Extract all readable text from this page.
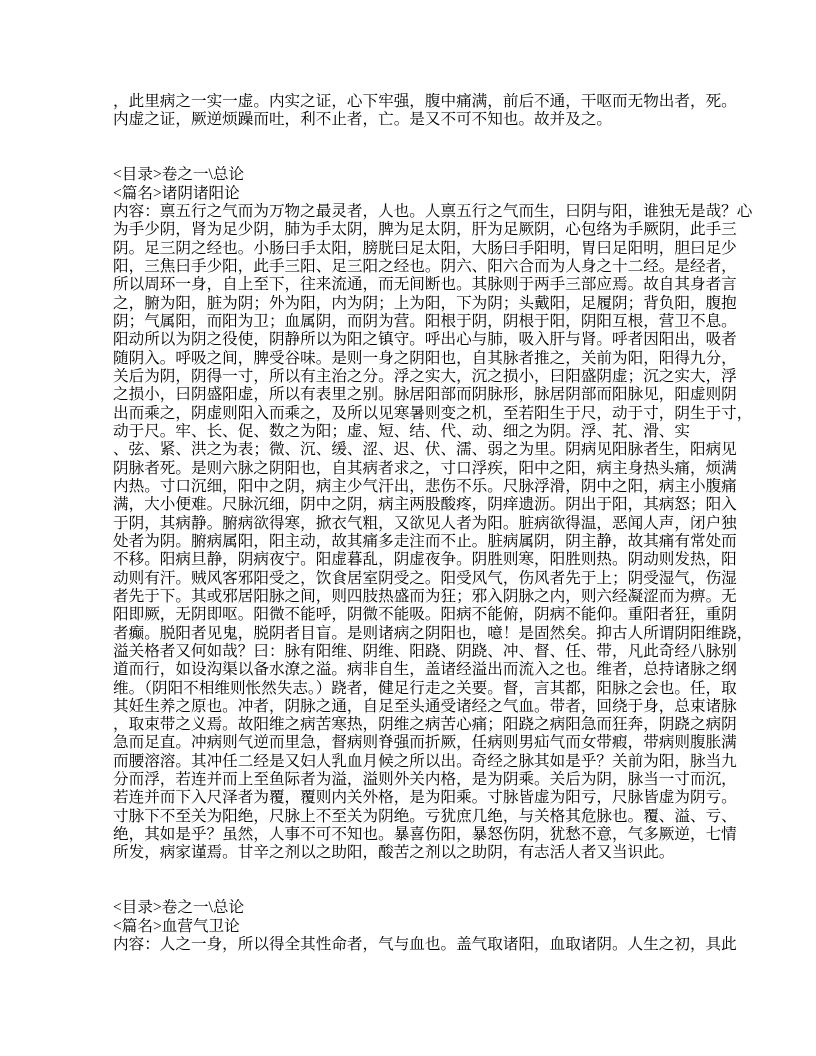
，此里病之一实一虚。内实之证，心下牢强，腹中痛满，前后不通，干呕而无物出者，死。
内虚之证，厥逆烦躁而吐，利不止者，亡。是又不可不知也。故并及之。
<目录>卷之一\总论
<篇名>诸阴诸阳论
内容：禀五行之气而为万物之最灵者，人也。人禀五行之气而生，曰阴与阳，谁独无是哉？心
为手少阴，肾为足少阴，肺为手太阴，脾为足太阴，肝为足厥阴，心包络为手厥阴，此手三
阴。足三阴之经也。小肠曰手太阳，膀胱曰足太阳，大肠曰手阳明，胃曰足阳明，胆曰足少
阳，三焦曰手少阳，此手三阳、足三阳之经也。阴六、阳六合而为人身之十二经。是经者，
所以周环一身，自上至下，往来流通，而无间断也。其脉则于两手三部应焉。故自其身者言
之，腑为阳，脏为阴；外为阳，内为阴；上为阳，下为阴；头戴阳，足履阴；背负阳，腹抱
阴；气属阳，而阳为卫；血属阴，而阴为营。阳根于阴，阴根于阳，阴阳互根，营卫不息。
阳动所以为阴之役使，阴静所以为阳之镇守。呼出心与肺，吸入肝与肾。呼者因阳出，吸者
随阴入。呼吸之间，脾受谷味。是则一身之阴阳也，自其脉者推之，关前为阳，阳得九分，
关后为阴，阴得一寸，所以有主治之分。浮之实大，沉之损小，曰阳盛阴虚；沉之实大，浮
之损小，曰阴盛阳虚，所以有表里之别。脉居阳部而阴脉形，脉居阴部而阳脉见，阳虚则阴
出而乘之，阴虚则阳入而乘之，及所以见寒暑则变之机，至若阳生于尺，动于寸，阴生于寸，
动于尺。牢、长、促、数之为阳；虚、短、结、代、动、细之为阴。浮、芤、滑、实
、弦、紧、洪之为表；微、沉、缓、涩、迟、伏、濡、弱之为里。阴病见阳脉者生，阳病见
阴脉者死。是则六脉之阴阳也，自其病者求之，寸口浮疾，阳中之阳，病主身热头痛，烦满
内热。寸口沉细，阳中之阴，病主少气汗出，悲伤不乐。尺脉浮滑，阴中之阳，病主小腹痛
满，大小便难。尺脉沉细，阴中之阴，病主两股酸疼，阴痒遗沥。阴出于阳，其病怒；阳入
于阴，其病静。腑病欲得寒，掀衣气粗，又欲见人者为阳。脏病欲得温，恶闻人声，闭户独
处者为阴。腑病属阳，阳主动，故其痛多走注而不止。脏病属阴，阴主静，故其痛有常处而
不移。阳病旦静，阴病夜宁。阳虚暮乱，阴虚夜争。阴胜则寒，阳胜则热。阴动则发热，阳
动则有汗。贼风客邪阳受之，饮食居室阴受之。阳受风气，伤风者先于上；阴受湿气，伤湿
者先于下。其或邪居阳脉之间，则四肢热盛而为狂；邪入阴脉之内，则六经凝涩而为痹。无
阳即厥，无阴即呕。阳微不能呼，阴微不能吸。阳病不能俯，阴病不能仰。重阳者狂，重阴
者癫。脱阳者见鬼，脱阴者目盲。是则诸病之阴阳也，噫！是固然矣。抑古人所谓阴阳维跷，
溢关格者又何如哉？曰：脉有阳维、阴维、阳跷、阴跷、冲、督、任、带，凡此奇经八脉别
道而行，如设沟渠以备水潦之溢。病非自生，盖诸经溢出而流入之也。维者，总持诸脉之纲
维。（阴阳不相维则怅然失志。）跷者，健足行走之关要。督，言其都，阳脉之会也。任，取
其妊生养之原也。冲者，阴脉之通，自足至头通受诸经之气血。带者，回绕于身，总束诸脉
，取束带之义焉。故阳维之病苦寒热，阴维之病苦心痛；阳跷之病阳急而狂奔，阴跷之病阴
急而足直。冲病则气逆而里急，督病则脊强而折厥，任病则男疝气而女带瘕，带病则腹胀满
而腰溶溶。其冲任二经是又妇人乳血月候之所以出。奇经之脉其如是乎？关前为阳，脉当九
分而浮，若连并而上至鱼际者为溢，溢则外关内格，是为阴乘。关后为阴，脉当一寸而沉，
若连并而下入尺泽者为覆，覆则内关外格，是为阳乘。寸脉皆虚为阳亏，尺脉皆虚为阴亏。
寸脉下不至关为阳绝，尺脉上不至关为阴绝。亏犹庶几绝，与关格其危脉也。覆、溢、亏、
绝，其如是乎？虽然，人事不可不知也。暴喜伤阳，暴怒伤阴，犹愁不意，气多厥逆，七情
所发，病家谨焉。甘辛之剂以之助阳，酸苦之剂以之助阴，有志活人者又当识此。
<目录>卷之一\总论
<篇名>血营气卫论
内容：人之一身，所以得全其性命者，气与血也。盖气取诸阳，血取诸阴。人生之初，具此
